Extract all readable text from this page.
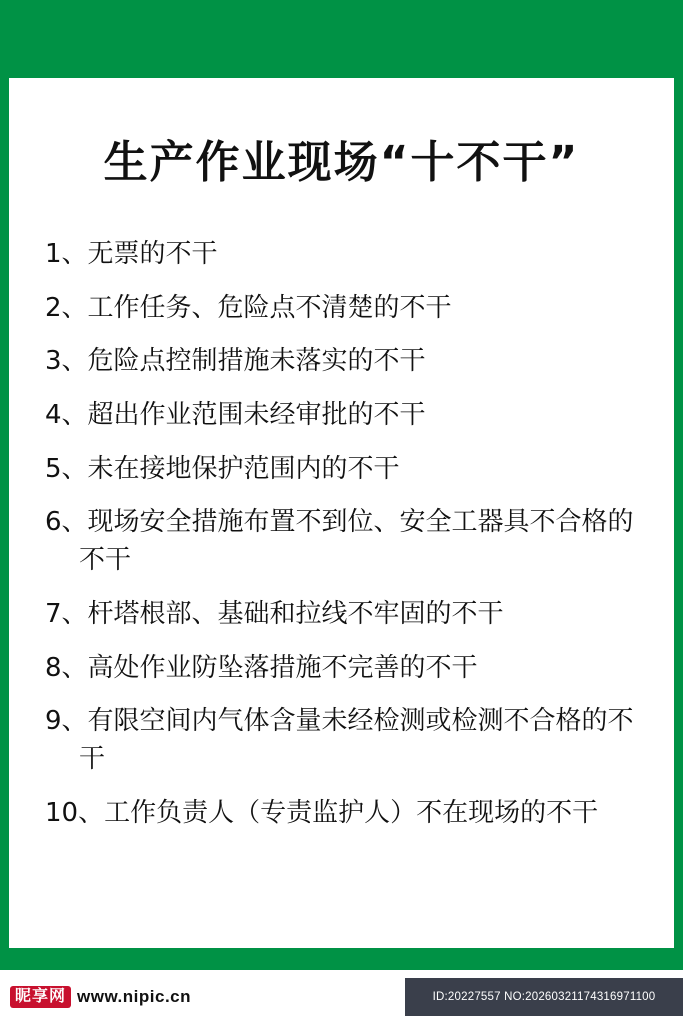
生产作业现场“十不干”
1、无票的不干
2、工作任务、危险点不清楚的不干
3、危险点控制措施未落实的不干
4、超出作业范围未经审批的不干
5、未在接地保护范围内的不干
6、现场安全措施布置不到位、安全工器具不合格的不干
7、杆塔根部、基础和拉线不牢固的不干
8、高处作业防坠落措施不完善的不干
9、有限空间内气体含量未经检测或检测不合格的不干
10、工作负责人（专责监护人）不在现场的不干
昵享网 www.nipic.cn	ID:20227557 NO:20260321174316971100
